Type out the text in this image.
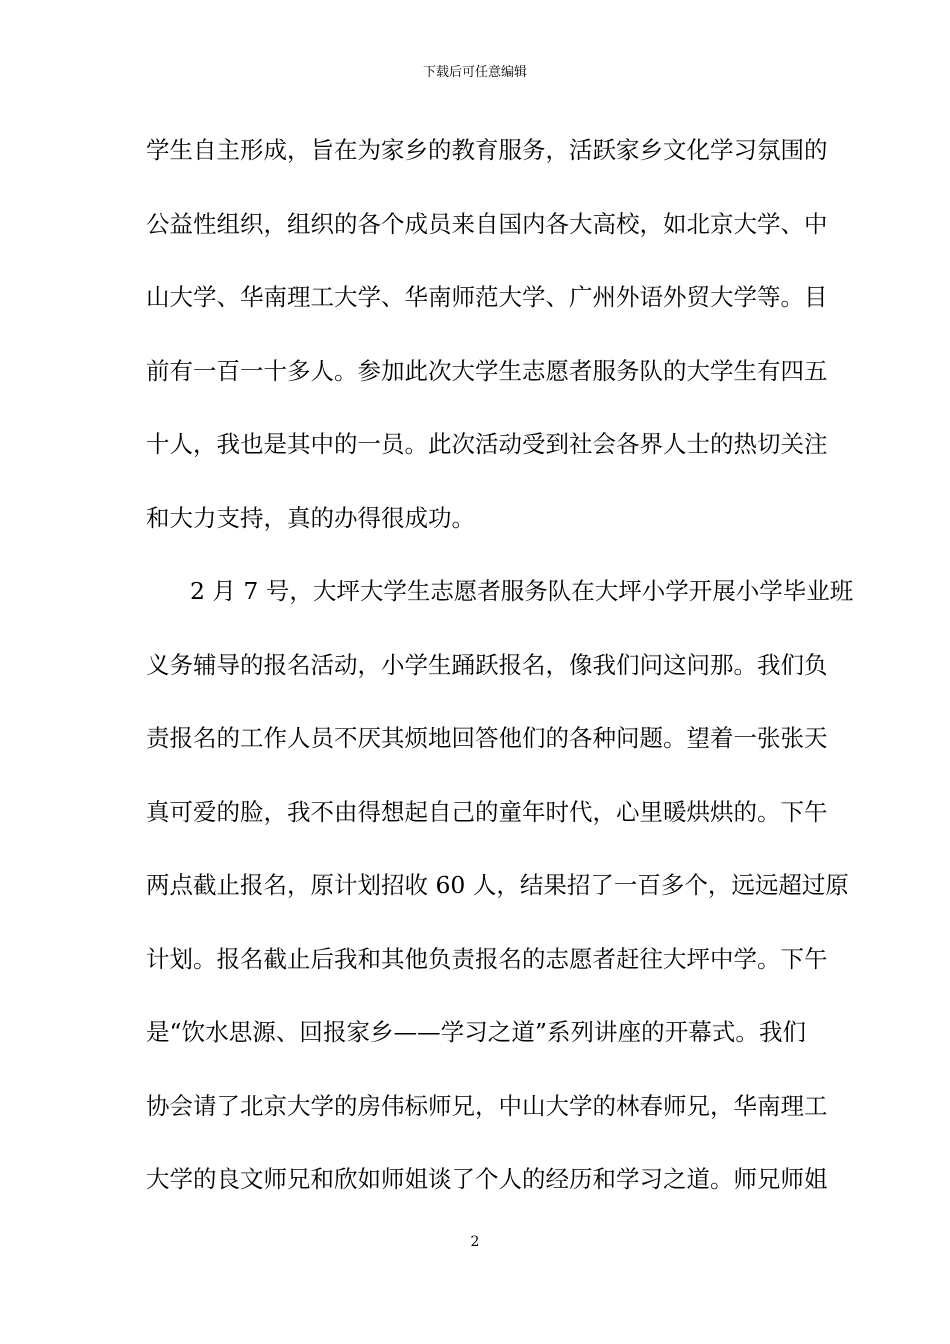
下载后可任意编辑
学生自主形成，旨在为家乡的教育服务，活跃家乡文化学习氛围的
公益性组织，组织的各个成员来自国内各大高校，如北京大学、中
山大学、华南理工大学、华南师范大学、广州外语外贸大学等。目
前有一百一十多人。参加此次大学生志愿者服务队的大学生有四五
十人，我也是其中的一员。此次活动受到社会各界人士的热切关注
和大力支持，真的办得很成功。
2 月 7 号，大坪大学生志愿者服务队在大坪小学开展小学毕业班
义务辅导的报名活动，小学生踊跃报名，像我们问这问那。我们负
责报名的工作人员不厌其烦地回答他们的各种问题。望着一张张天
真可爱的脸，我不由得想起自己的童年时代，心里暖烘烘的。下午
两点截止报名，原计划招收 60 人，结果招了一百多个，远远超过原
计划。报名截止后我和其他负责报名的志愿者赶往大坪中学。下午
是“饮水思源、回报家乡——学习之道”系列讲座的开幕式。我们
协会请了北京大学的房伟标师兄，中山大学的林春师兄，华南理工
大学的良文师兄和欣如师姐谈了个人的经历和学习之道。师兄师姐
2
